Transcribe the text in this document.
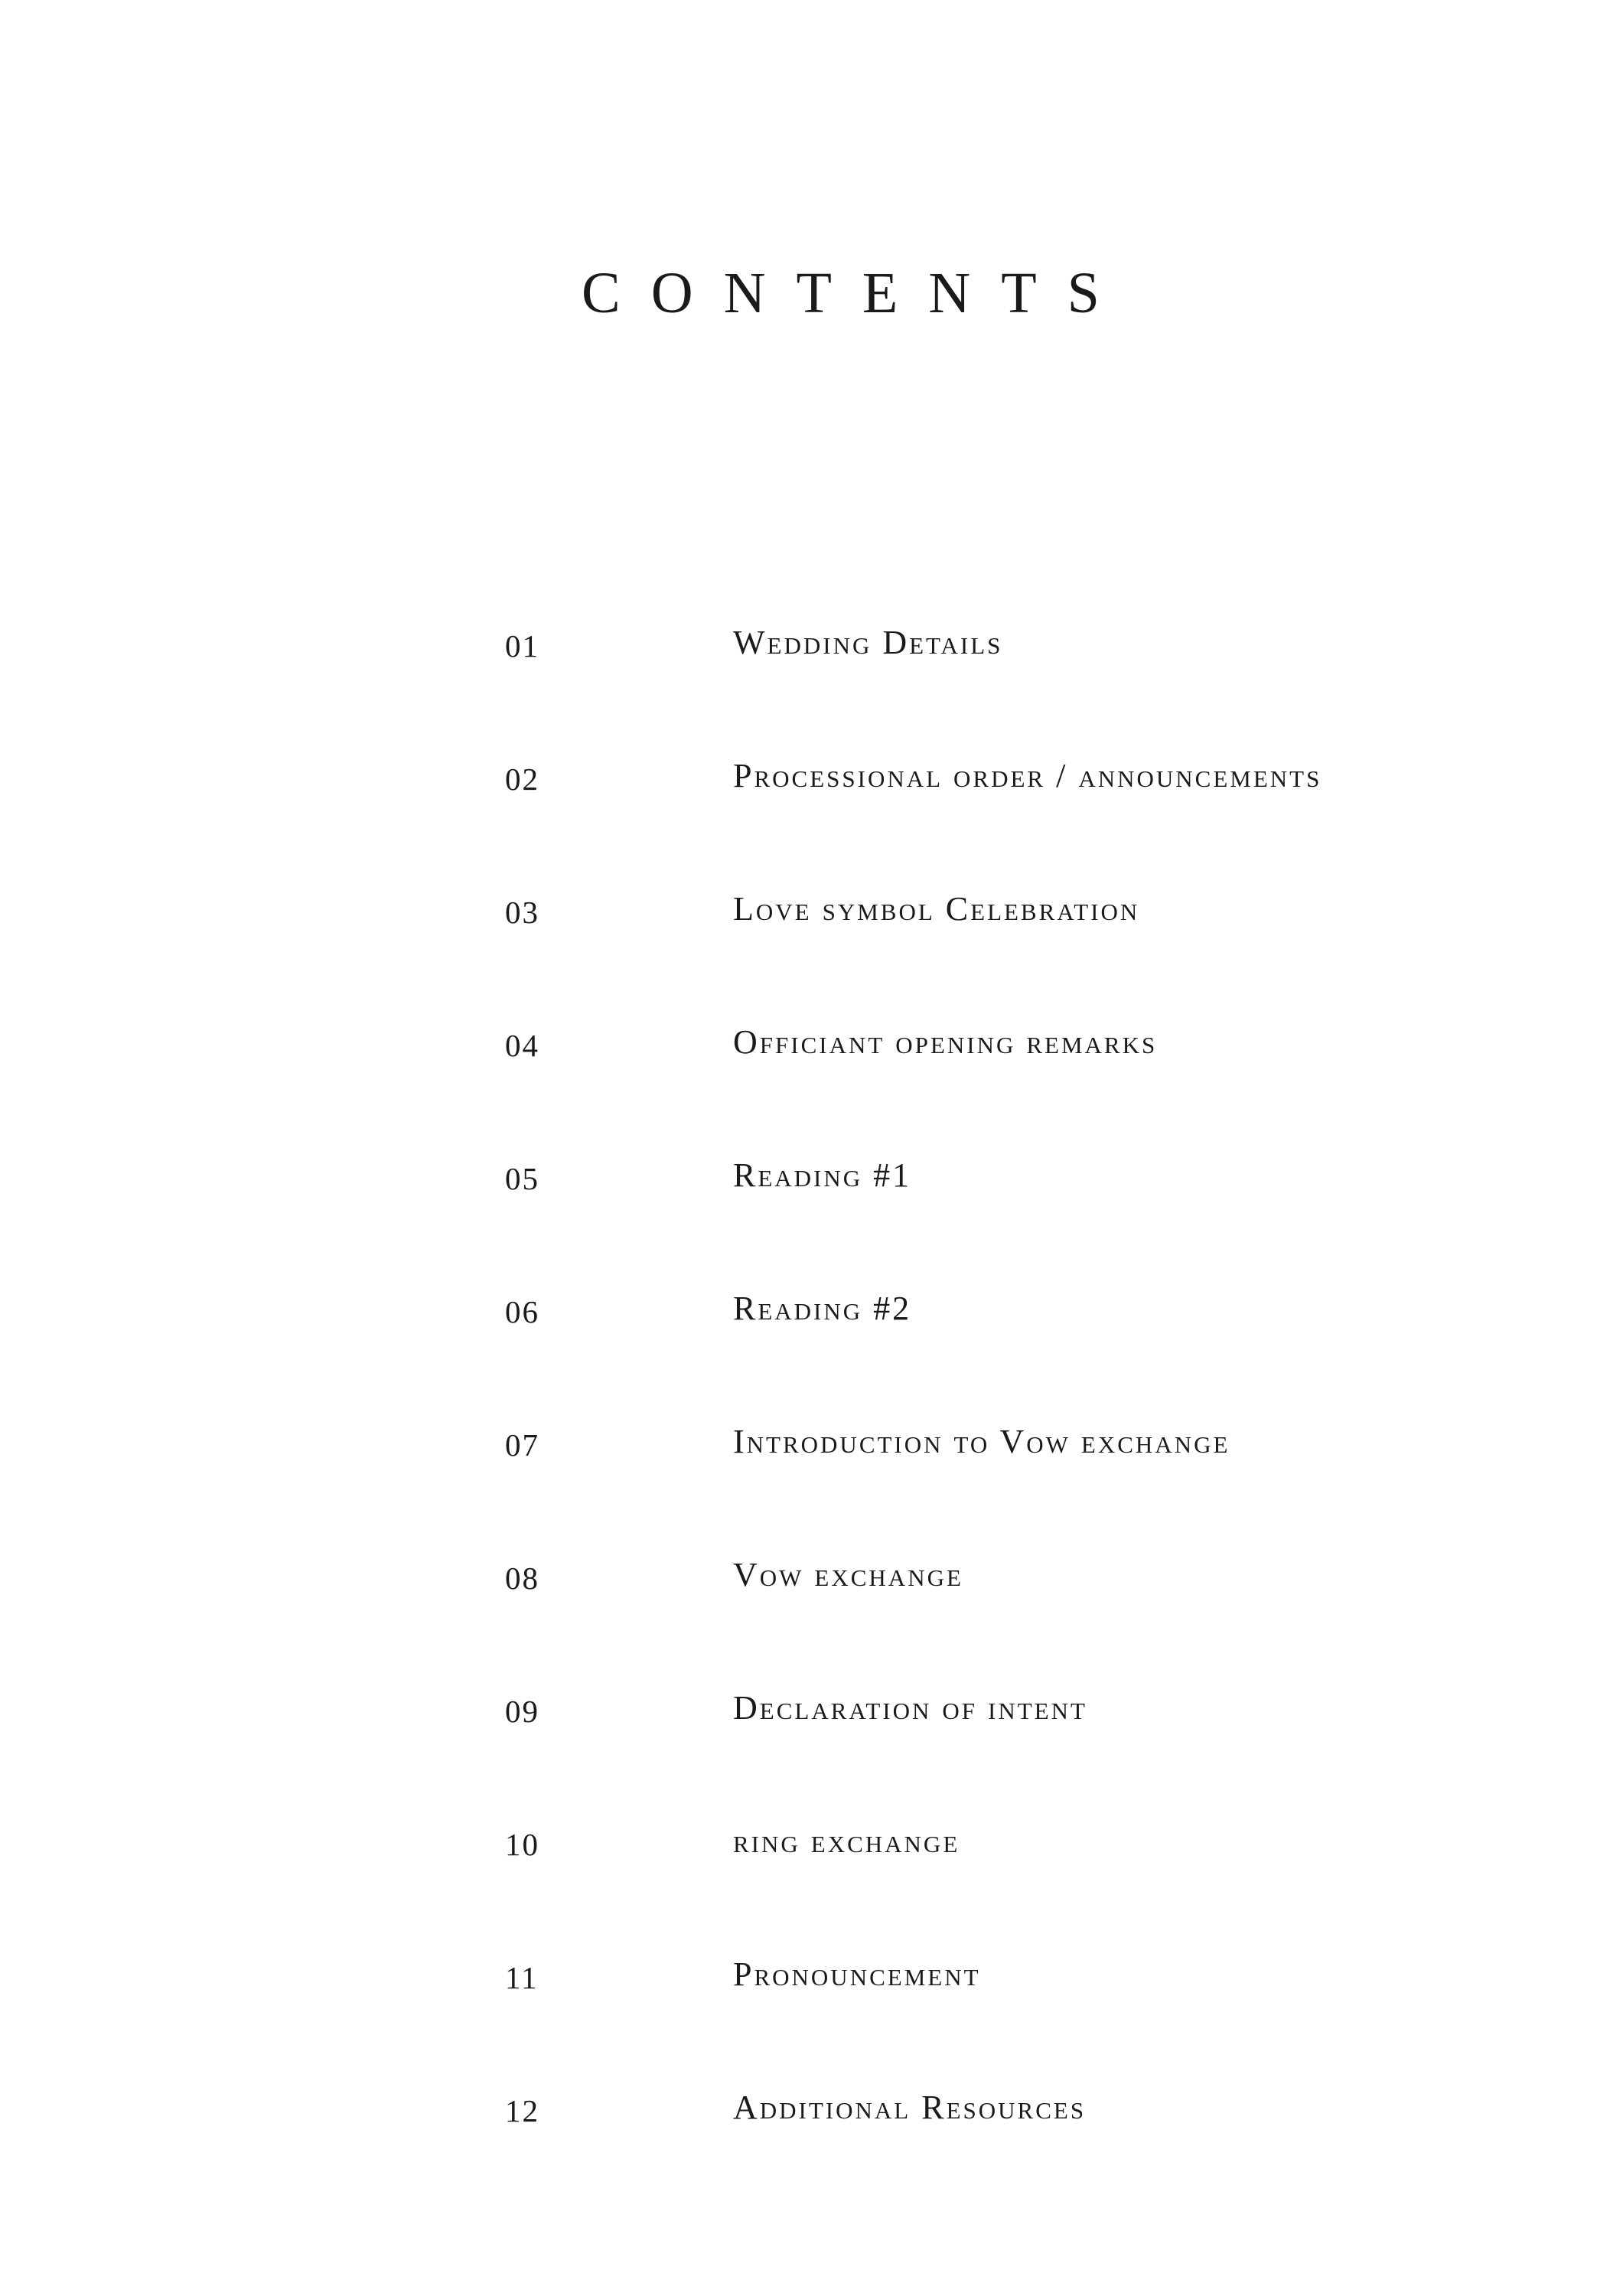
CONTENTS
01	Wedding Details
02	Processional order / announcements
03	Love symbol Celebration
04	Officiant opening remarks
05	Reading #1
06	Reading #2
07	Introduction to Vow exchange
08	Vow exchange
09	Declaration of intent
10	ring exchange
11	Pronouncement
12	Additional Resources
